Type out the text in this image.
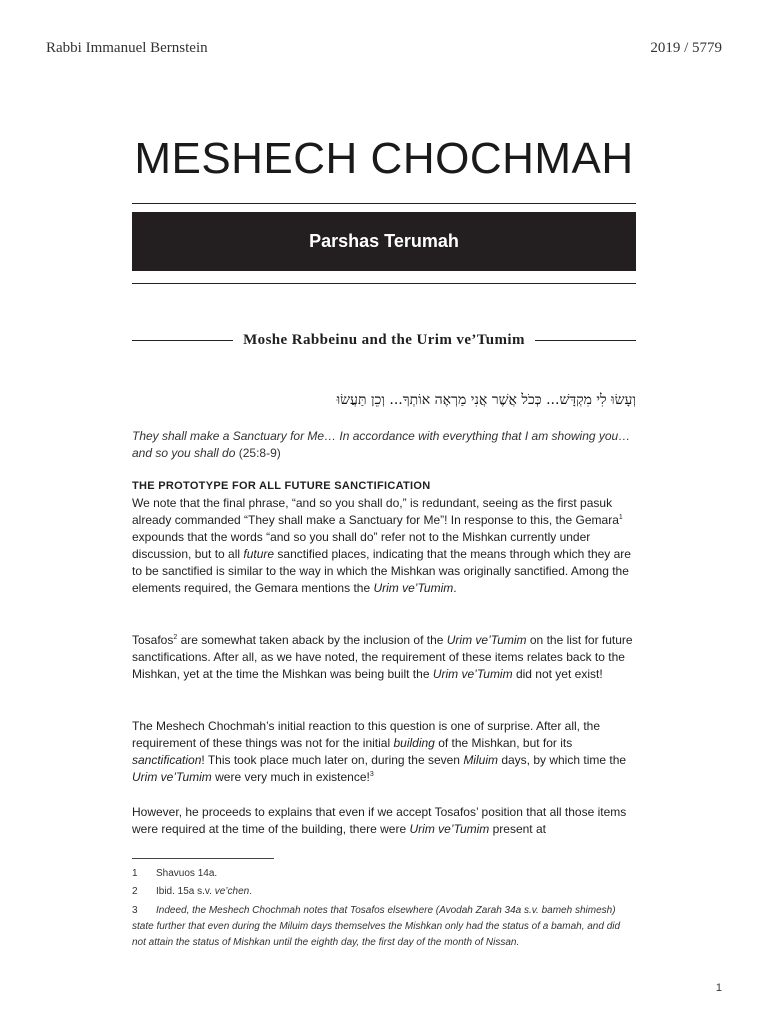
Rabbi Immanuel Bernstein	2019 / 5779
MESHECH CHOCHMAH
Parshas Terumah
Moshe Rabbeinu and the Urim ve’Tumim
וְעָשׂוּ לִי מִקְדָּשׁ... כְּכֹל אֲשֶׁר אֲנִי מַרְאֶה אוֹתְךָ... וְכֵן תַּעֲשׂוּ
They shall make a Sanctuary for Me… In accordance with everything that I am showing you… and so you shall do (25:8-9)
THE PROTOTYPE FOR ALL FUTURE SANCTIFICATION
We note that the final phrase, “and so you shall do,” is redundant, seeing as the first pasuk already commanded “They shall make a Sanctuary for Me”! In response to this, the Gemara$^1$ expounds that the words “and so you shall do” refer not to the Mishkan currently under discussion, but to all future sanctified places, indicating that the means through which they are to be sanctified is similar to the way in which the Mishkan was originally sanctified. Among the elements required, the Gemara mentions the Urim ve’Tumim.
Tosafos$^2$ are somewhat taken aback by the inclusion of the Urim ve’Tumim on the list for future sanctifications. After all, as we have noted, the requirement of these items relates back to the Mishkan, yet at the time the Mishkan was being built the Urim ve’Tumim did not yet exist!
The Meshech Chochmah’s initial reaction to this question is one of surprise. After all, the requirement of these things was not for the initial building of the Mishkan, but for its sanctification! This took place much later on, during the seven Miluim days, by which time the Urim ve’Tumim were very much in existence!$^3$
However, he proceeds to explains that even if we accept Tosafos’ position that all those items were required at the time of the building, there were Urim ve’Tumim present at
1 Shavuos 14a.
2 Ibid. 15a s.v. ve’chen.
3 Indeed, the Meshech Chochmah notes that Tosafos elsewhere (Avodah Zarah 34a s.v. bameh shimesh) state further that even during the Miluim days themselves the Mishkan only had the status of a bamah, and did not attain the status of Mishkan until the eighth day, the first day of the month of Nissan.
1
